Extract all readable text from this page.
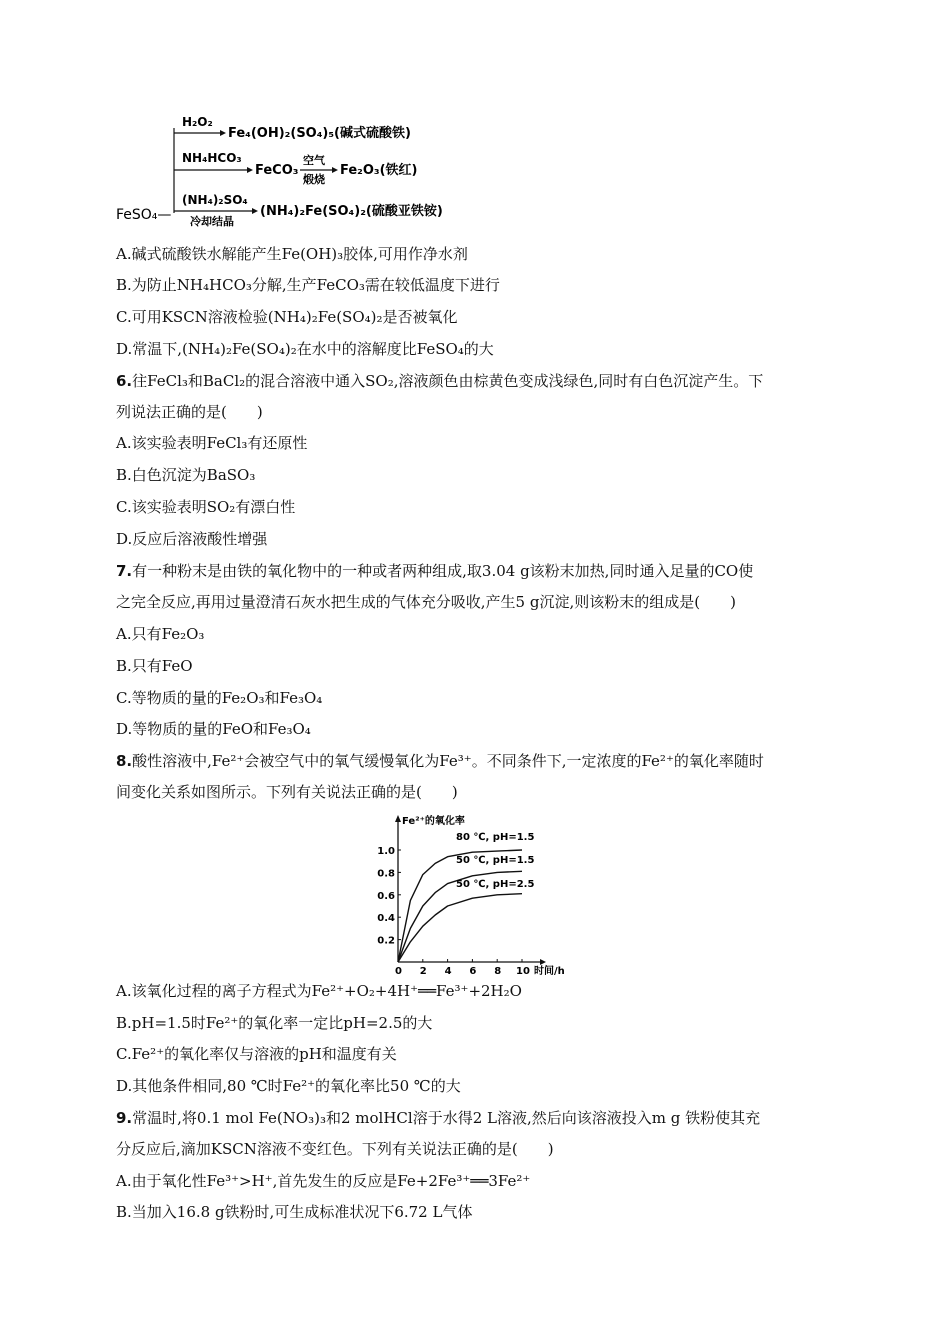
FeSO₄—
H₂O₂
Fe₄(OH)₂(SO₄)₅(碱式硫酸铁)
NH₄HCO₃
FeCO₃
空气
煅烧
Fe₂O₃(铁红)
(NH₄)₂SO₄
冷却结晶
(NH₄)₂Fe(SO₄)₂(硫酸亚铁铵)
A.碱式硫酸铁水解能产生Fe(OH)₃胶体,可用作净水剂
B.为防止NH₄HCO₃分解,生产FeCO₃需在较低温度下进行
C.可用KSCN溶液检验(NH₄)₂Fe(SO₄)₂是否被氧化
D.常温下,(NH₄)₂Fe(SO₄)₂在水中的溶解度比FeSO₄的大
6.往FeCl₃和BaCl₂的混合溶液中通入SO₂,溶液颜色由棕黄色变成浅绿色,同时有白色沉淀产生。下
列说法正确的是(　　)
A.该实验表明FeCl₃有还原性
B.白色沉淀为BaSO₃
C.该实验表明SO₂有漂白性
D.反应后溶液酸性增强
7.有一种粉末是由铁的氧化物中的一种或者两种组成,取3.04 g该粉末加热,同时通入足量的CO使
之完全反应,再用过量澄清石灰水把生成的气体充分吸收,产生5 g沉淀,则该粉末的组成是(　　)
A.只有Fe₂O₃
B.只有FeO
C.等物质的量的Fe₂O₃和Fe₃O₄
D.等物质的量的FeO和Fe₃O₄
8.酸性溶液中,Fe²⁺会被空气中的氧气缓慢氧化为Fe³⁺。不同条件下,一定浓度的Fe²⁺的氧化率随时
间变化关系如图所示。下列有关说法正确的是(　　)
Fe²⁺的氧化率
时间/h
0 2 4 6 8 10
0.2
0.4
0.6
0.8
1.0
80 ℃, pH=1.5
50 ℃, pH=1.5
50 ℃, pH=2.5
A.该氧化过程的离子方程式为Fe²⁺+O₂+4H⁺══Fe³⁺+2H₂O
B.pH=1.5时Fe²⁺的氧化率一定比pH=2.5的大
C.Fe²⁺的氧化率仅与溶液的pH和温度有关
D.其他条件相同,80 ℃时Fe²⁺的氧化率比50 ℃的大
9.常温时,将0.1 mol Fe(NO₃)₃和2 molHCl溶于水得2 L溶液,然后向该溶液投入m g 铁粉使其充
分反应后,滴加KSCN溶液不变红色。下列有关说法正确的是(　　)
A.由于氧化性Fe³⁺>H⁺,首先发生的反应是Fe+2Fe³⁺══3Fe²⁺
B.当加入16.8 g铁粉时,可生成标准状况下6.72 L气体
